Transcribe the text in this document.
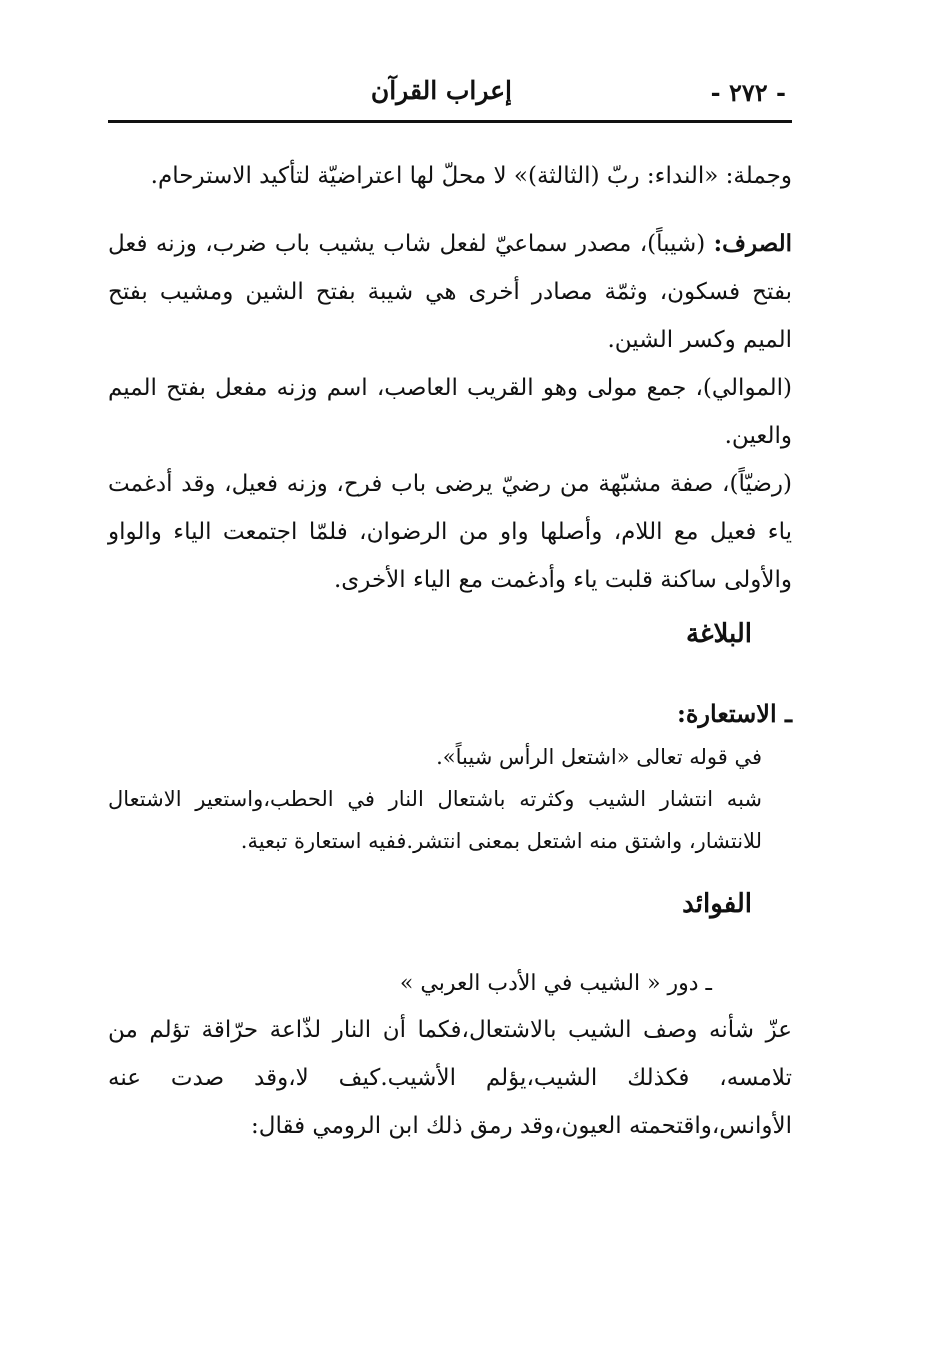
- ٢٧٢ -
إعراب القرآن

وجملة: «النداء: ربّ (الثالثة)» لا محلّ لها اعتراضيّة لتأكيد الاسترحام.

الصرف: (شيباً)، مصدر سماعيّ لفعل شاب يشيب باب ضرب، وزنه فعل بفتح فسكون، وثمّة مصادر أخرى هي شيبة بفتح الشين ومشيب بفتح الميم وكسر الشين.

(الموالي)، جمع مولى وهو القريب العاصب، اسم وزنه مفعل بفتح الميم والعين.

(رضيّاً)، صفة مشبّهة من رضيّ يرضى باب فرح، وزنه فعيل، وقد أدغمت ياء فعيل مع اللام، وأصلها واو من الرضوان، فلمّا اجتمعت الياء والواو والأولى ساكنة قلبت ياء وأدغمت مع الياء الأخرى.

البلاغة
ـ الاستعارة:

في قوله تعالى «اشتعل الرأس شيباً».

شبه انتشار الشيب وكثرته باشتعال النار في الحطب،واستعير الاشتعال للانتشار، واشتق منه اشتعل بمعنى انتشر.ففيه استعارة تبعية.

الفوائد

ـ دور « الشيب في الأدب العربي »

عزّ شأنه وصف الشيب بالاشتعال،فكما أن النار لذّاعة حرّاقة تؤلم من تلامسه، فكذلك الشيب،يؤلم الأشيب.كيف لا،وقد صدت عنه الأوانس،واقتحمته العيون،وقد رمق ذلك ابن الرومي فقال:
